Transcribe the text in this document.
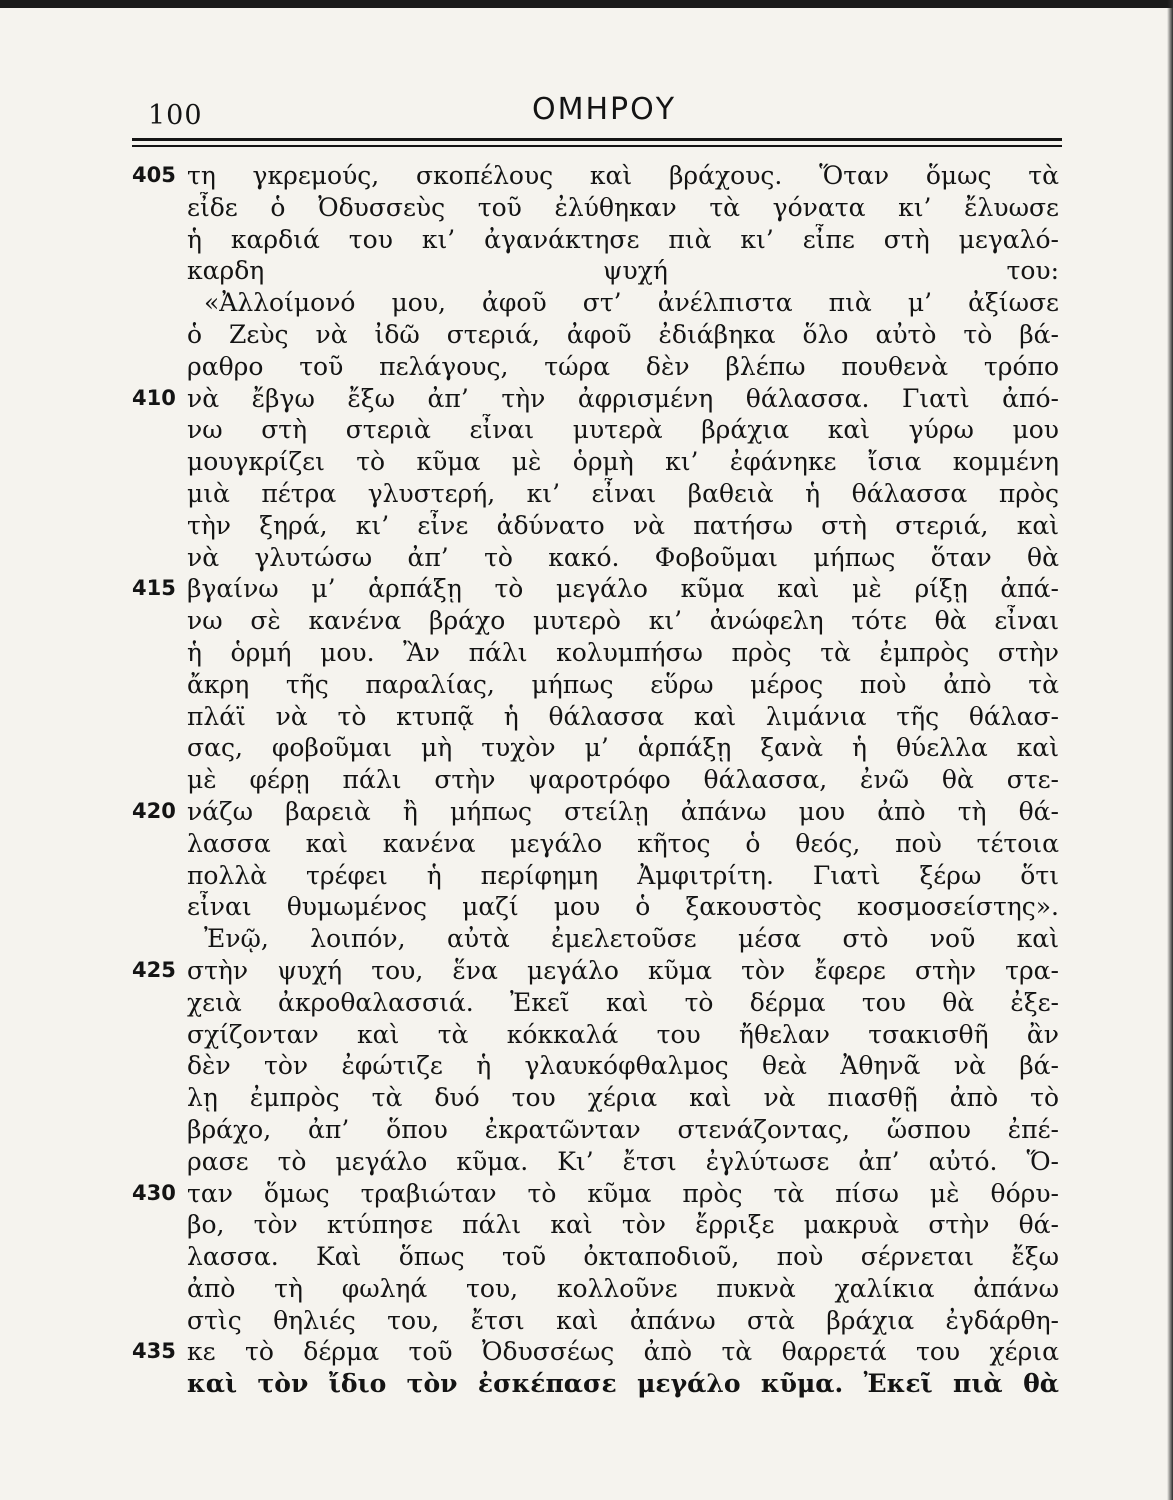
100	ΟΜΗΡΟΥ
405 τη γκρεμούς, σκοπέλους καὶ βράχους. Ὅταν ὅμως τὰ
εἶδε ὁ Ὀδυσσεὺς τοῦ ἐλύθηκαν τὰ γόνατα κι’ ἔλυωσε
ἡ καρδιά του κι’ ἀγανάκτησε πιὰ κι’ εἶπε στὴ μεγαλό-
καρδη ψυχή του:
«Ἀλλοίμονό μου, ἀφοῦ στ’ ἀνέλπιστα πιὰ μ’ ἀξίωσε
ὁ Ζεὺς νὰ ἰδῶ στεριά, ἀφοῦ ἐδιάβηκα ὅλο αὐτὸ τὸ βά-
ραθρο τοῦ πελάγους, τώρα δὲν βλέπω πουθενὰ τρόπο
410 νὰ ἔβγω ἔξω ἀπ’ τὴν ἀφρισμένη θάλασσα. Γιατὶ ἀπό-
νω στὴ στεριὰ εἶναι μυτερὰ βράχια καὶ γύρω μου
μουγκρίζει τὸ κῦμα μὲ ὁρμὴ κι’ ἐφάνηκε ἴσια κομμένη
μιὰ πέτρα γλυστερή, κι’ εἶναι βαθειὰ ἡ θάλασσα πρὸς
τὴν ξηρά, κι’ εἶνε ἀδύνατο νὰ πατήσω στὴ στεριά, καὶ
νὰ γλυτώσω ἀπ’ τὸ κακό. Φοβοῦμαι μήπως ὅταν θὰ
415 βγαίνω μ’ ἁρπάξῃ τὸ μεγάλο κῦμα καὶ μὲ ρίξῃ ἀπά-
νω σὲ κανένα βράχο μυτερὸ κι’ ἀνώφελη τότε θὰ εἶναι
ἡ ὁρμή μου. Ἂν πάλι κολυμπήσω πρὸς τὰ ἐμπρὸς στὴν
ἄκρη τῆς παραλίας, μήπως εὕρω μέρος ποὺ ἀπὸ τὰ
πλάϊ νὰ τὸ κτυπᾷ ἡ θάλασσα καὶ λιμάνια τῆς θάλασ-
σας, φοβοῦμαι μὴ τυχὸν μ’ ἁρπάξῃ ξανὰ ἡ θύελλα καὶ
μὲ φέρῃ πάλι στὴν ψαροτρόφο θάλασσα, ἐνῶ θὰ στε-
420 νάζω βαρειὰ ἢ μήπως στείλῃ ἀπάνω μου ἀπὸ τὴ θά-
λασσα καὶ κανένα μεγάλο κῆτος ὁ θεός, ποὺ τέτοια
πολλὰ τρέφει ἡ περίφημη Ἀμφιτρίτη. Γιατὶ ξέρω ὅτι
εἶναι θυμωμένος μαζί μου ὁ ξακουστὸς κοσμοσείστης».
Ἐνῷ, λοιπόν, αὐτὰ ἐμελετοῦσε μέσα στὸ νοῦ καὶ
425 στὴν ψυχή του, ἕνα μεγάλο κῦμα τὸν ἔφερε στὴν τρα-
χειὰ ἀκροθαλασσιά. Ἐκεῖ καὶ τὸ δέρμα του θὰ ἐξε-
σχίζονταν καὶ τὰ κόκκαλά του ἤθελαν τσακισθῆ ἂν
δὲν τὸν ἐφώτιζε ἡ γλαυκόφθαλμος θεὰ Ἀθηνᾶ νὰ βά-
λῃ ἐμπρὸς τὰ δυό του χέρια καὶ νὰ πιασθῇ ἀπὸ τὸ
βράχο, ἀπ’ ὅπου ἐκρατῶνταν στενάζοντας, ὥσπου ἐπέ-
ρασε τὸ μεγάλο κῦμα. Κι’ ἔτσι ἐγλύτωσε ἀπ’ αὐτό. Ὅ-
430 ταν ὅμως τραβιώταν τὸ κῦμα πρὸς τὰ πίσω μὲ θόρυ-
βο, τὸν κτύπησε πάλι καὶ τὸν ἔρριξε μακρυὰ στὴν θά-
λασσα. Καὶ ὅπως τοῦ ὀκταποδιοῦ, ποὺ σέρνεται ἔξω
ἀπὸ τὴ φωληά του, κολλοῦνε πυκνὰ χαλίκια ἀπάνω
στὶς θηλιές του, ἔτσι καὶ ἀπάνω στὰ βράχια ἐγδάρθη-
435 κε τὸ δέρμα τοῦ Ὀδυσσέως ἀπὸ τὰ θαρρετά του χέρια
καὶ τὸν ἴδιο τὸν ἐσκέπασε μεγάλο κῦμα. Ἐκεῖ πιὰ θὰ
